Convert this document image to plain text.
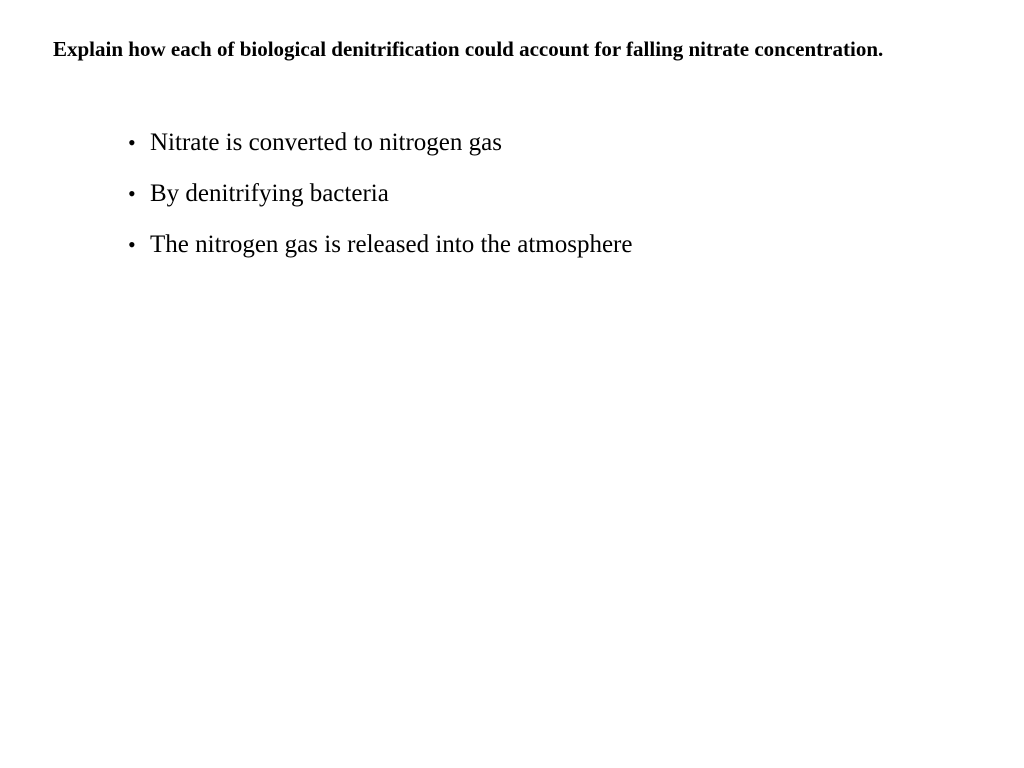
Explain how each of biological denitrification could account for falling nitrate concentration.

• Nitrate is converted to nitrogen gas
• By denitrifying bacteria
• The nitrogen gas is released into the atmosphere
